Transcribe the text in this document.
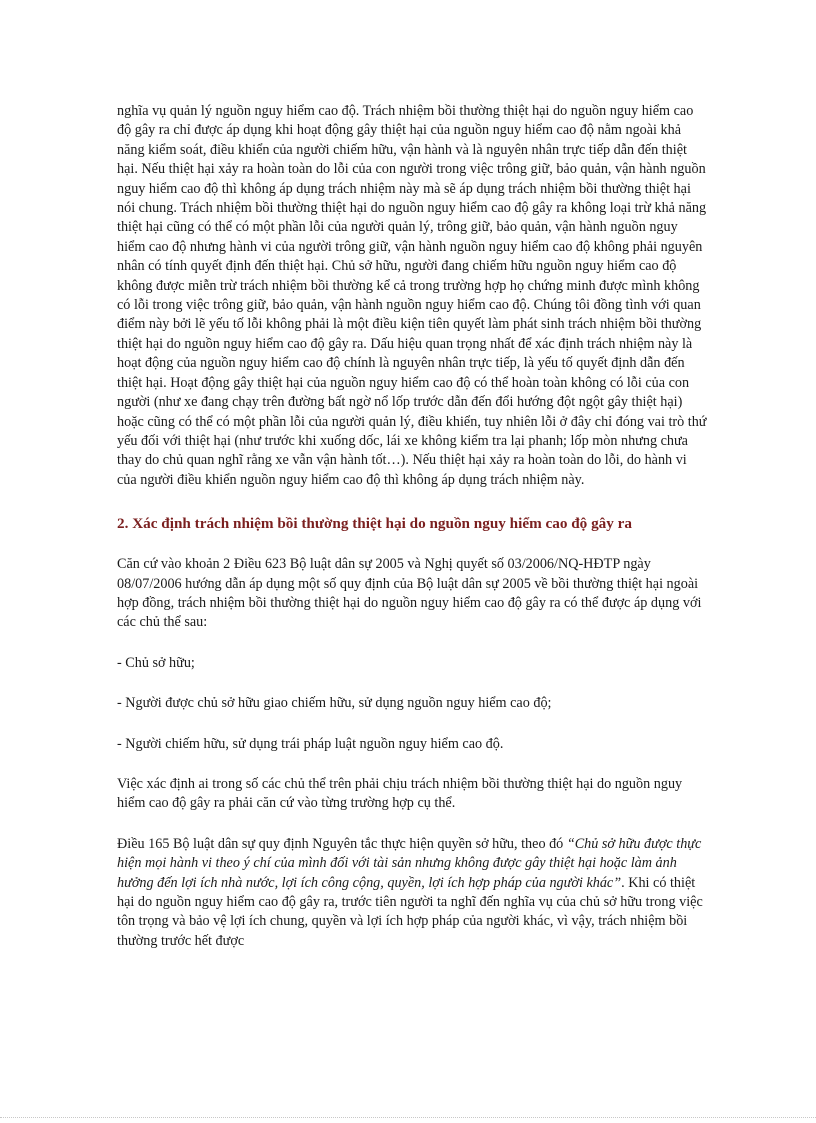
nghĩa vụ quản lý nguồn nguy hiểm cao độ. Trách nhiệm bồi thường thiệt hại do nguồn nguy hiểm cao độ gây ra chỉ được áp dụng khi hoạt động gây thiệt hại của nguồn nguy hiểm cao độ nằm ngoài khả năng kiểm soát, điều khiển của người chiếm hữu, vận hành và là nguyên nhân trực tiếp dẫn đến thiệt hại. Nếu thiệt hại xảy ra hoàn toàn do lỗi của con người trong việc trông giữ, bảo quản, vận hành nguồn nguy hiểm cao độ thì không áp dụng trách nhiệm này mà sẽ áp dụng trách nhiệm bồi thường thiệt hại nói chung. Trách nhiệm bồi thường thiệt hại do nguồn nguy hiểm cao độ gây ra không loại trừ khả năng thiệt hại cũng có thể có một phần lỗi của người quản lý, trông giữ, bảo quản, vận hành nguồn nguy hiểm cao độ nhưng hành vi của người trông giữ, vận hành nguồn nguy hiểm cao độ không phải nguyên nhân có tính quyết định đến thiệt hại. Chủ sở hữu, người đang chiếm hữu nguồn nguy hiểm cao độ không được miễn trừ trách nhiệm bồi thường kể cả trong trường hợp họ chứng minh được mình không có lỗi trong việc trông giữ, bảo quản, vận hành nguồn nguy hiểm cao độ. Chúng tôi đồng tình với quan điểm này bởi lẽ yếu tố lỗi không phải là một điều kiện tiên quyết làm phát sinh trách nhiệm bồi thường thiệt hại do nguồn nguy hiểm cao độ gây ra. Dấu hiệu quan trọng nhất để xác định trách nhiệm này là hoạt động của nguồn nguy hiểm cao độ chính là nguyên nhân trực tiếp, là yếu tố quyết định dẫn đến thiệt hại. Hoạt động gây thiệt hại của nguồn nguy hiểm cao độ có thể hoàn toàn không có lỗi của con người (như xe đang chạy trên đường bất ngờ nổ lốp trước dẫn đến đổi hướng đột ngột gây thiệt hại) hoặc cũng có thể có một phần lỗi của người quản lý, điều khiển, tuy nhiên lỗi ở đây chỉ đóng vai trò thứ yếu đối với thiệt hại (như trước khi xuống dốc, lái xe không kiểm tra lại phanh; lốp mòn nhưng chưa thay do chủ quan nghĩ rằng xe vẫn vận hành tốt…). Nếu thiệt hại xảy ra hoàn toàn do lỗi, do hành vi của người điều khiển nguồn nguy hiểm cao độ thì không áp dụng trách nhiệm này.

2. Xác định trách nhiệm bồi thường thiệt hại do nguồn nguy hiểm cao độ gây ra

Căn cứ vào khoản 2 Điều 623 Bộ luật dân sự 2005 và Nghị quyết số 03/2006/NQ-HĐTP ngày 08/07/2006 hướng dẫn áp dụng một số quy định của Bộ luật dân sự 2005 về bồi thường thiệt hại ngoài hợp đồng, trách nhiệm bồi thường thiệt hại do nguồn nguy hiểm cao độ gây ra có thể được áp dụng với các chủ thể sau:

- Chủ sở hữu;

- Người được chủ sở hữu giao chiếm hữu, sử dụng nguồn nguy hiểm cao độ;

- Người chiếm hữu, sử dụng trái pháp luật nguồn nguy hiểm cao độ.

Việc xác định ai trong số các chủ thể trên phải chịu trách nhiệm bồi thường thiệt hại do nguồn nguy hiểm cao độ gây ra phải căn cứ vào từng trường hợp cụ thể.

Điều 165 Bộ luật dân sự quy định Nguyên tắc thực hiện quyền sở hữu, theo đó “Chủ sở hữu được thực hiện mọi hành vi theo ý chí của mình đối với tài sản nhưng không được gây thiệt hại hoặc làm ảnh hưởng đến lợi ích nhà nước, lợi ích công cộng, quyền, lợi ích hợp pháp của người khác”. Khi có thiệt hại do nguồn nguy hiểm cao độ gây ra, trước tiên người ta nghĩ đến nghĩa vụ của chủ sở hữu trong việc tôn trọng và bảo vệ lợi ích chung, quyền và lợi ích hợp pháp của người khác, vì vậy, trách nhiệm bồi thường trước hết được
